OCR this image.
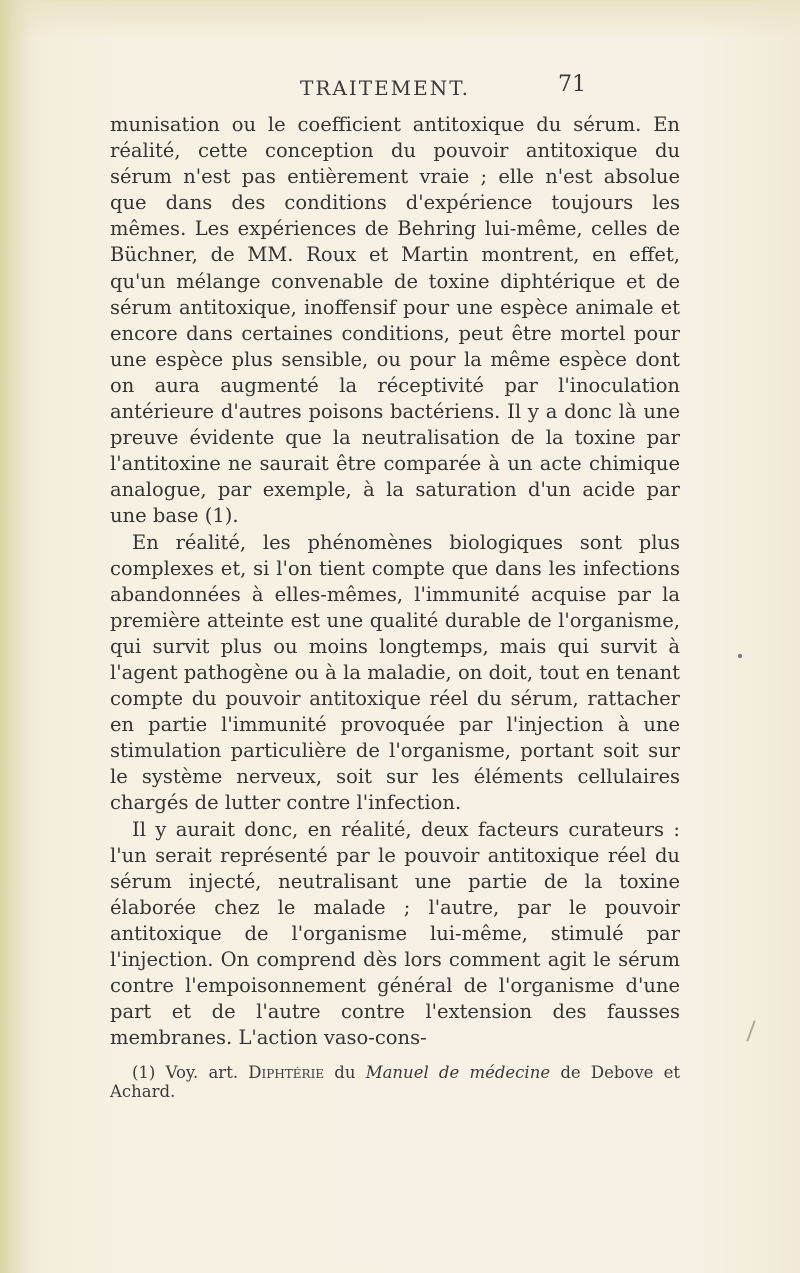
TRAITEMENT.	71

munisation ou le coefficient antitoxique du sérum. En réalité, cette conception du pouvoir antitoxique du sérum n'est pas entièrement vraie ; elle n'est absolue que dans des conditions d'expérience toujours les mêmes. Les expériences de Behring lui-même, celles de Büchner, de MM. Roux et Martin montrent, en effet, qu'un mélange convenable de toxine diphtérique et de sérum antitoxique, inoffensif pour une espèce animale et encore dans certaines conditions, peut être mortel pour une espèce plus sensible, ou pour la même espèce dont on aura augmenté la réceptivité par l'inoculation antérieure d'autres poisons bactériens. Il y a donc là une preuve évidente que la neutralisation de la toxine par l'antitoxine ne saurait être comparée à un acte chimique analogue, par exemple, à la saturation d'un acide par une base (1).

En réalité, les phénomènes biologiques sont plus complexes et, si l'on tient compte que dans les infections abandonnées à elles-mêmes, l'immunité acquise par la première atteinte est une qualité durable de l'organisme, qui survit plus ou moins longtemps, mais qui survit à l'agent pathogène ou à la maladie, on doit, tout en tenant compte du pouvoir antitoxique réel du sérum, rattacher en partie l'immunité provoquée par l'injection à une stimulation particulière de l'organisme, portant soit sur le système nerveux, soit sur les éléments cellulaires chargés de lutter contre l'infection.

Il y aurait donc, en réalité, deux facteurs curateurs : l'un serait représenté par le pouvoir antitoxique réel du sérum injecté, neutralisant une partie de la toxine élaborée chez le malade ; l'autre, par le pouvoir antitoxique de l'organisme lui-même, stimulé par l'injection. On comprend dès lors comment agit le sérum contre l'empoisonnement général de l'organisme d'une part et de l'autre contre l'extension des fausses membranes. L'action vaso-cons-

(1) Voy. art. Diphtérie du Manuel de médecine de Debove et Achard.
